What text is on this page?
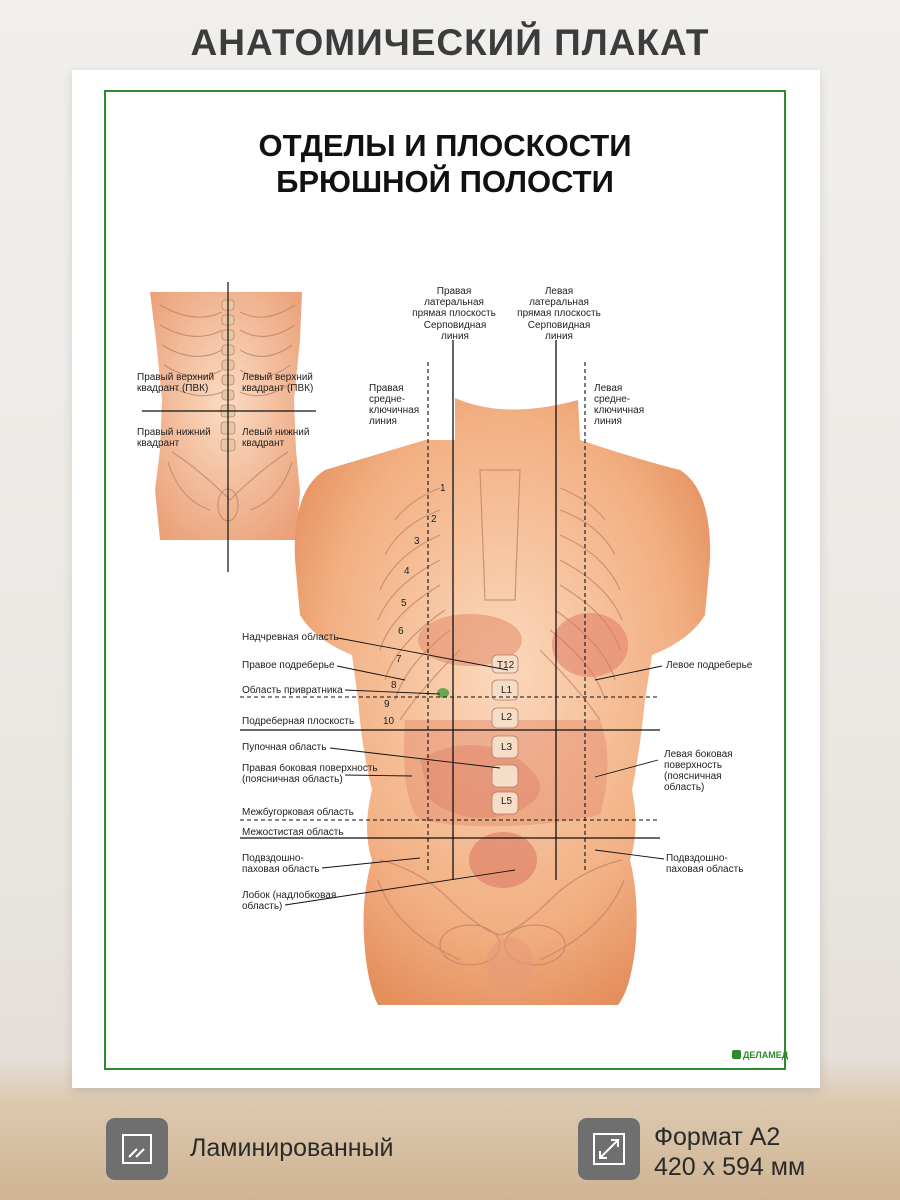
АНАТОМИЧЕСКИЙ ПЛАКАТ
ОТДЕЛЫ И ПЛОСКОСТИ
БРЮШНОЙ ПОЛОСТИ
Правый верхний
квадрант (ПВК)
Левый верхний
квадрант (ПВК)
Правый нижний
квадрант
Левый нижний
квадрант
Правая
латеральная
прямая плоскость
Серповидная
линия
Левая
латеральная
прямая плоскость
Серповидная
линия
Правая
средне-
ключичная
линия
Левая
средне-
ключичная
линия
Надчревная область
Правое подреберье
Область привратника
Подреберная плоскость
Пупочная область
Правая боковая поверхность
(поясничная область)
Межбугорковая область
Межостистая область
Подвздошно-
паховая область
Лобок (надлобковая
область)
Левое подреберье
Левая боковая
поверхность
(поясничная
область)
Подвздошно-
паховая область
1
2
3
4
5
6
7
8
9
10
T12
L1
L2
L3
L5
ДЕЛАМЕД
Ламинированный	Формат А2
420 х 594 мм
